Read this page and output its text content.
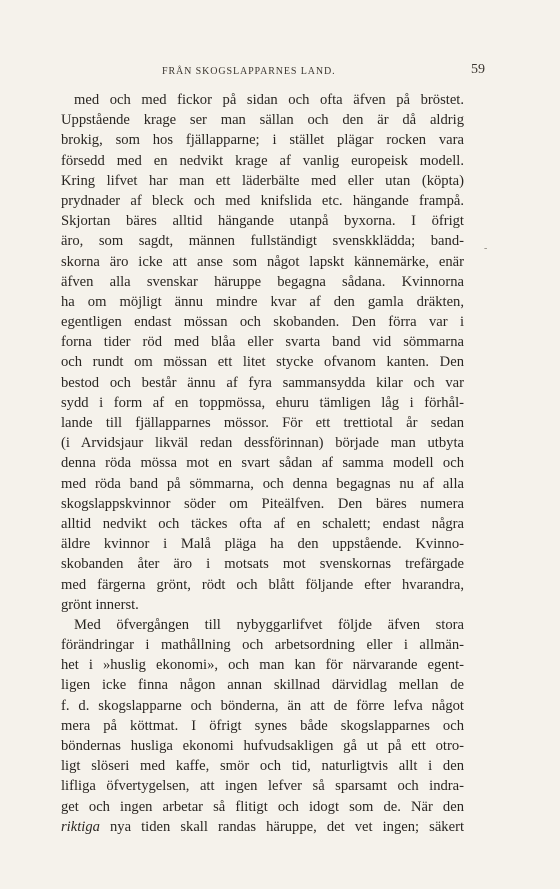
FRÅN SKOGSLAPPARNES LAND.	59
med och med fickor på sidan och ofta äfven på bröstet.
Uppstående krage ser man sällan och den är då aldrig
brokig, som hos fjällapparne; i stället plägar rocken vara
försedd med en nedvikt krage af vanlig europeisk modell.
Kring lifvet har man ett läderbälte med eller utan (köpta)
prydnader af bleck och med knifslida etc. hängande frampå.
Skjortan bäres alltid hängande utanpå byxorna. I öfrigt
äro, som sagdt, männen fullständigt svenskklädda; band-
skorna äro icke att anse som något lapskt kännemärke, enär
äfven alla svenskar häruppe begagna sådana. Kvinnorna
ha om möjligt ännu mindre kvar af den gamla dräkten,
egentligen endast mössan och skobanden. Den förra var i
forna tider röd med blåa eller svarta band vid sömmarna
och rundt om mössan ett litet stycke ofvanom kanten. Den
bestod och består ännu af fyra sammansydda kilar och var
sydd i form af en toppmössa, ehuru tämligen låg i förhål-
lande till fjällapparnes mössor. För ett trettiotal år sedan
(i Arvidsjaur likväl redan dessförinnan) började man utbyta
denna röda mössa mot en svart sådan af samma modell och
med röda band på sömmarna, och denna begagnas nu af alla
skogslappskvinnor söder om Piteälfven. Den bäres numera
alltid nedvikt och täckes ofta af en schalett; endast några
äldre kvinnor i Malå pläga ha den uppstående. Kvinno-
skobanden åter äro i motsats mot svenskornas trefärgade
med färgerna grönt, rödt och blått följande efter hvarandra,
grönt innerst.
Med öfvergången till nybyggarlifvet följde äfven stora
förändringar i mathållning och arbetsordning eller i allmän-
het i »huslig ekonomi», och man kan för närvarande egent-
ligen icke finna någon annan skillnad därvidlag mellan de
f. d. skogslapparne och bönderna, än att de förre lefva något
mera på köttmat. I öfrigt synes både skogslapparnes och
böndernas husliga ekonomi hufvudsakligen gå ut på ett otro-
ligt slöseri med kaffe, smör och tid, naturligtvis allt i den
lifliga öfvertygelsen, att ingen lefver så sparsamt och indra-
get och ingen arbetar så flitigt och idogt som de. När den
riktiga nya tiden skall randas häruppe, det vet ingen; säkert
-
